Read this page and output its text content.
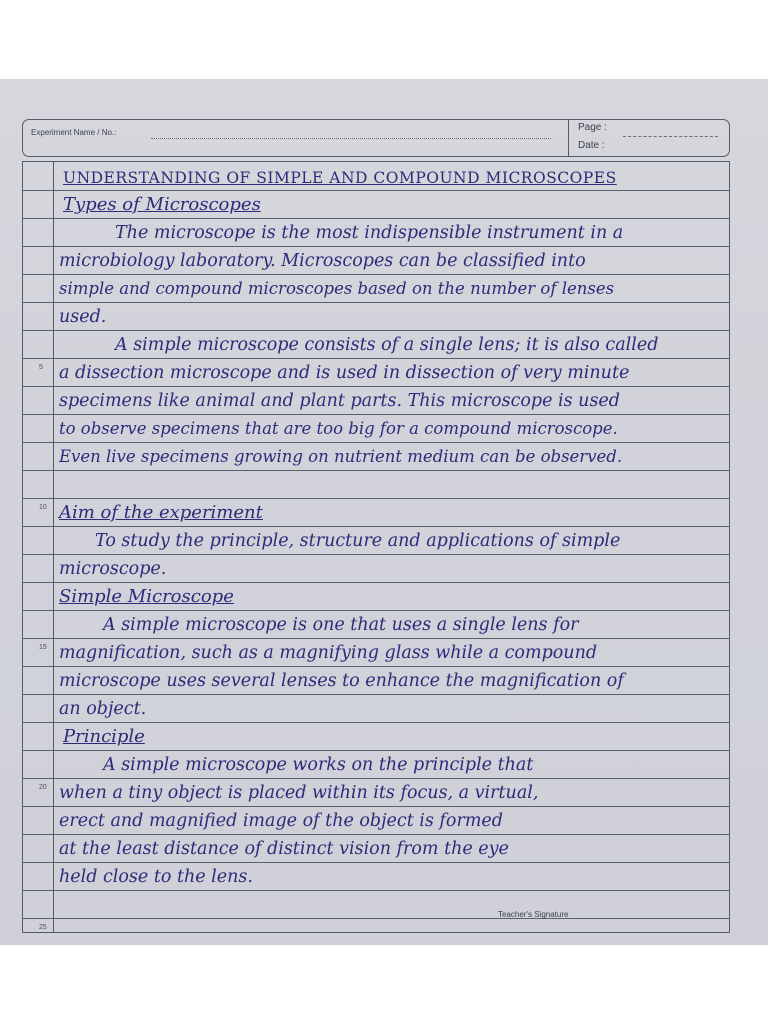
Experiment Name / No.:	Page :
Date :
5
10
15
20
25

UNDERSTANDING OF SIMPLE AND COMPOUND MICROSCOPES

Types of Microscopes

The microscope is the most indispensible instrument in a

microbiology laboratory. Microscopes can be classified into

simple and compound microscopes based on the number of lenses

used.

A simple microscope consists of a single lens; it is also called

a dissection microscope and is used in dissection of very minute

specimens like animal and plant parts. This microscope is used

to observe specimens that are too big for a compound microscope.

Even live specimens growing on nutrient medium can be observed.

Aim of the experiment

To study the principle, structure and applications of simple

microscope.

Simple Microscope

A simple microscope is one that uses a single lens for

magnification, such as a magnifying glass while a compound

microscope uses several lenses to enhance the magnification of

an object.

Principle

A simple microscope works on the principle that

when a tiny object is placed within its focus, a virtual,

erect and magnified image of the object is formed

at the least distance of distinct vision from the eye

held close to the lens.

Teacher's Signature
